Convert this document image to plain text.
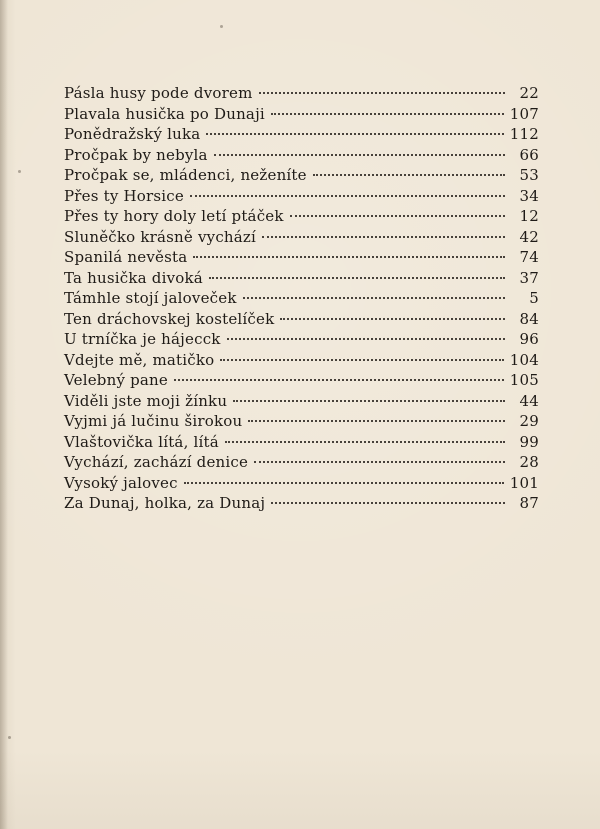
Pásla husy pode dvorem	22
Plavala husička po Dunaji	107
Ponědražský luka	112
Pročpak by nebyla	66
Pročpak se, mládenci, neženíte	53
Přes ty Horsice	34
Přes ty hory doly letí ptáček	12
Sluněčko krásně vychází	42
Spanilá nevěsta	74
Ta husička divoká	37
Támhle stojí jaloveček	5
Ten dráchovskej kostelíček	84
U trníčka je hájecck	96
Vdejte mě, matičko	104
Velebný pane	105
Viděli jste moji žínku	44
Vyjmi já lučinu širokou	29
Vlaštovička lítá, lítá	99
Vychází, zachází denice	28
Vysoký jalovec	101
Za Dunaj, holka, za Dunaj	87
